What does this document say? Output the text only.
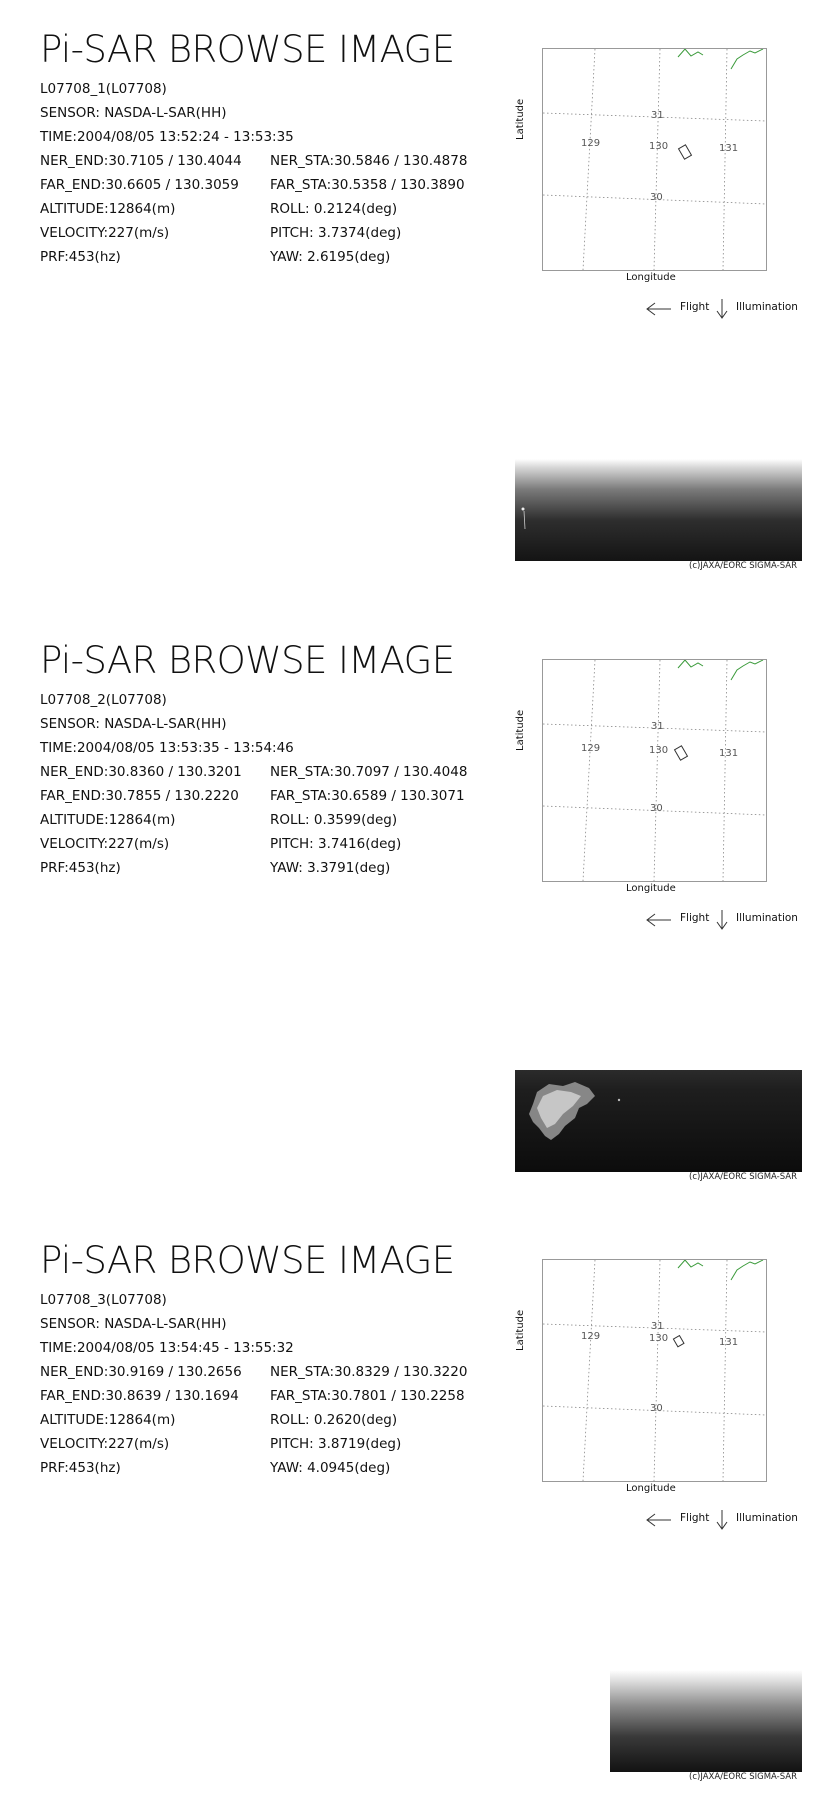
Pi-SAR BROWSE IMAGE
L07708_1(L07708)
SENSOR: NASDA-L-SAR(HH)
TIME:2004/08/05 13:52:24 - 13:53:35
NER_END:30.7105 / 130.4044 NER_STA:30.5846 / 130.4878
FAR_END:30.6605 / 130.3059 FAR_STA:30.5358 / 130.3890
ALTITUDE:12864(m)	ROLL: 0.2124(deg)
VELOCITY:227(m/s)	PITCH: 3.7374(deg)
PRF:453(hz)	YAW: 2.6195(deg)
Latitude	31
30
129	130	131
Longitude
Flight	Illumination
(c)JAXA/EORC SIGMA-SAR
Pi-SAR BROWSE IMAGE
L07708_2(L07708)
SENSOR: NASDA-L-SAR(HH)
TIME:2004/08/05 13:53:35 - 13:54:46
NER_END:30.8360 / 130.3201 NER_STA:30.7097 / 130.4048
FAR_END:30.7855 / 130.2220 FAR_STA:30.6589 / 130.3071
ALTITUDE:12864(m)	ROLL: 0.3599(deg)
VELOCITY:227(m/s)	PITCH: 3.7416(deg)
PRF:453(hz)	YAW: 3.3791(deg)
Latitude	31
30
129	130	131
Longitude
Flight	Illumination
(c)JAXA/EORC SIGMA-SAR
Pi-SAR BROWSE IMAGE
L07708_3(L07708)
SENSOR: NASDA-L-SAR(HH)
TIME:2004/08/05 13:54:45 - 13:55:32
NER_END:30.9169 / 130.2656 NER_STA:30.8329 / 130.3220
FAR_END:30.8639 / 130.1694 FAR_STA:30.7801 / 130.2258
ALTITUDE:12864(m)	ROLL: 0.2620(deg)
VELOCITY:227(m/s)	PITCH: 3.8719(deg)
PRF:453(hz)	YAW: 4.0945(deg)
Latitude	31
30
129	130	131
Longitude
Flight	Illumination
(c)JAXA/EORC SIGMA-SAR
